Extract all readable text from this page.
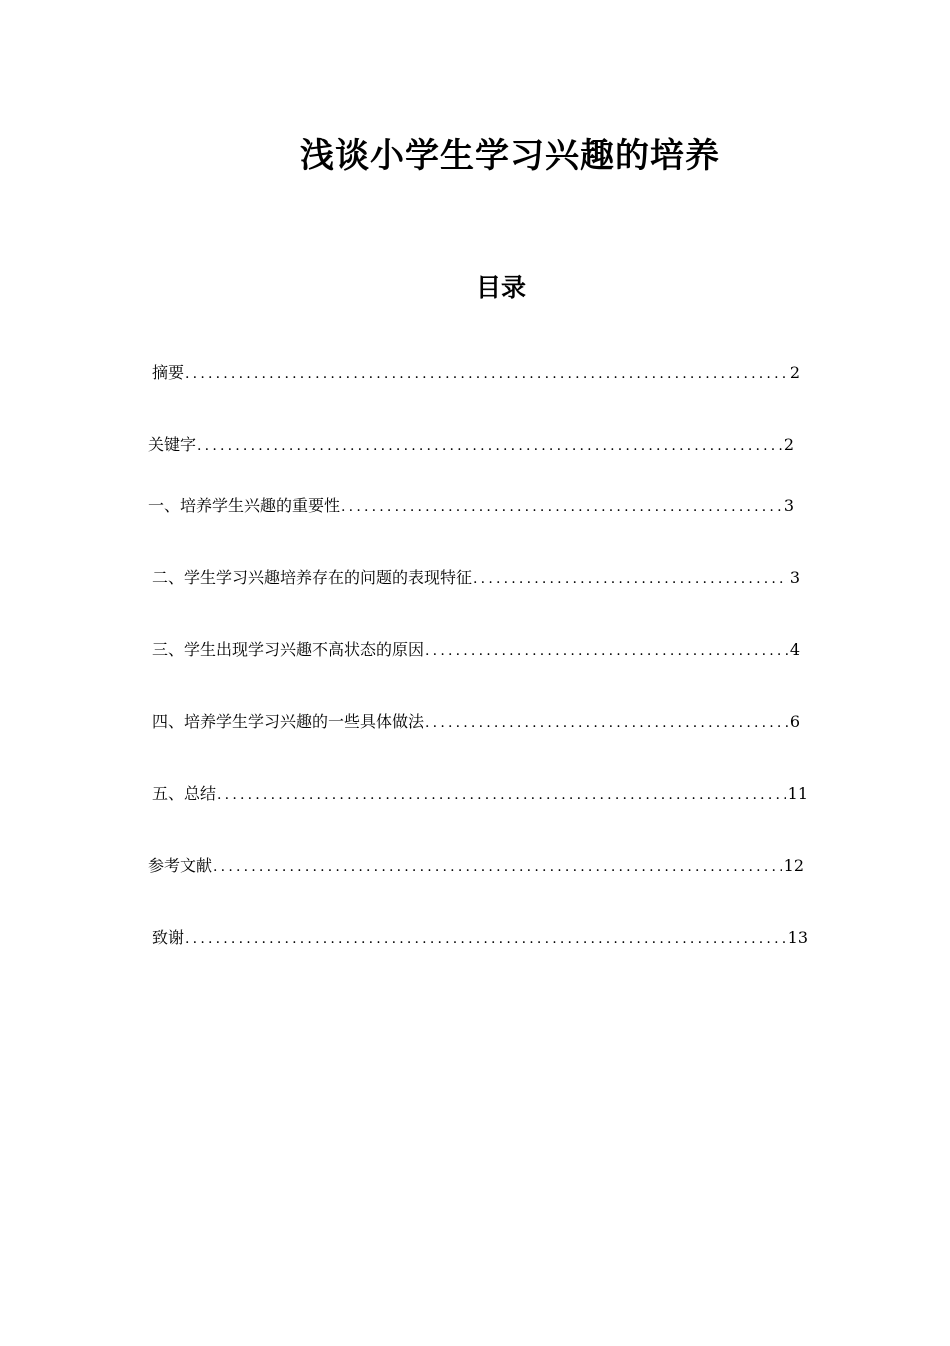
浅谈小学生学习兴趣的培养
目录
摘要 .....	2
关键字 .....	2
一、培养学生兴趣的重要性 .....	3
二、学生学习兴趣培养存在的问题的表现特征 .....	3
三、学生出现学习兴趣不高状态的原因 .....	4
四、培养学生学习兴趣的一些具体做法 .....	6
五、总结 .....	11
参考文献 .....	12
致谢 .....	13
